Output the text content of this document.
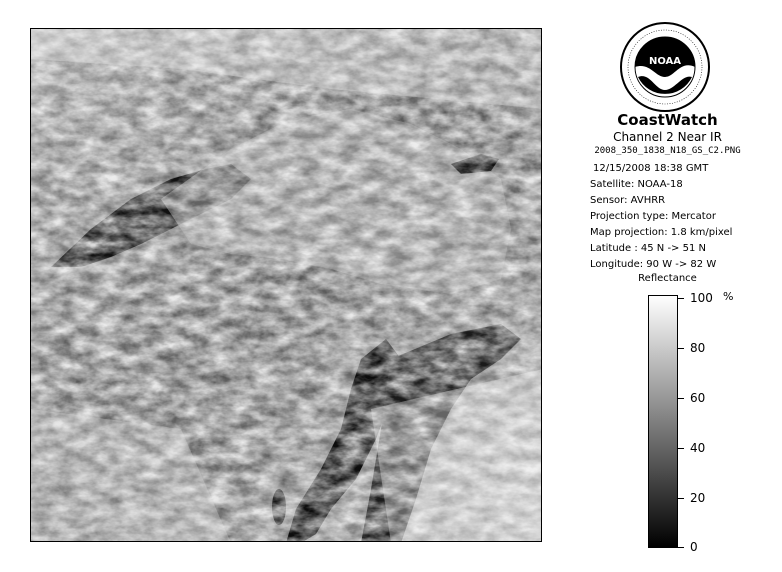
NOAA
CoastWatch
Channel 2 Near IR
2008_350_1838_N18_GS_C2.PNG
12/15/2008 18:38 GMT
Satellite: NOAA-18
Sensor: AVHRR
Projection type: Mercator
Map projection: 1.8 km/pixel
Latitude : 45 N -> 51 N
Longitude: 90 W -> 82 W
Reflectance
%
100
80
60
40
20
0
